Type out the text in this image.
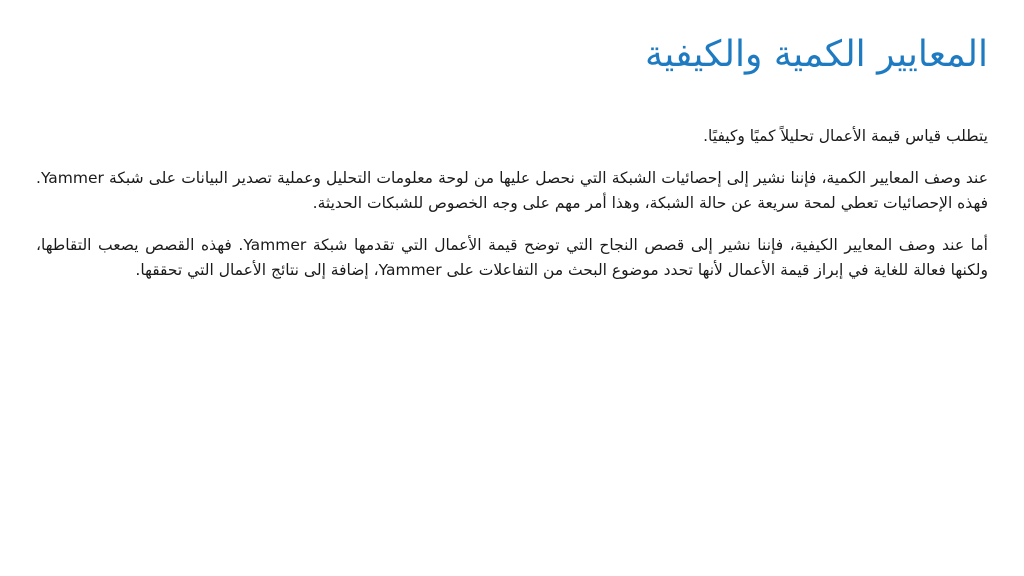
المعايير الكمية والكيفية

يتطلب قياس قيمة الأعمال تحليلاً كميًا وكيفيًا.

عند وصف المعايير الكمية، فإننا نشير إلى إحصائيات الشبكة التي نحصل عليها من لوحة معلومات التحليل وعملية تصدير البيانات على شبكة Yammer. فهذه الإحصائيات تعطي لمحة سريعة عن حالة الشبكة، وهذا أمر مهم على وجه الخصوص للشبكات الحديثة.

أما عند وصف المعايير الكيفية، فإننا نشير إلى قصص النجاح التي توضح قيمة الأعمال التي تقدمها شبكة Yammer. فهذه القصص يصعب التقاطها، ولكنها فعالة للغاية في إبراز قيمة الأعمال لأنها تحدد موضوع البحث من التفاعلات على Yammer، إضافة إلى نتائج الأعمال التي تحققها.
